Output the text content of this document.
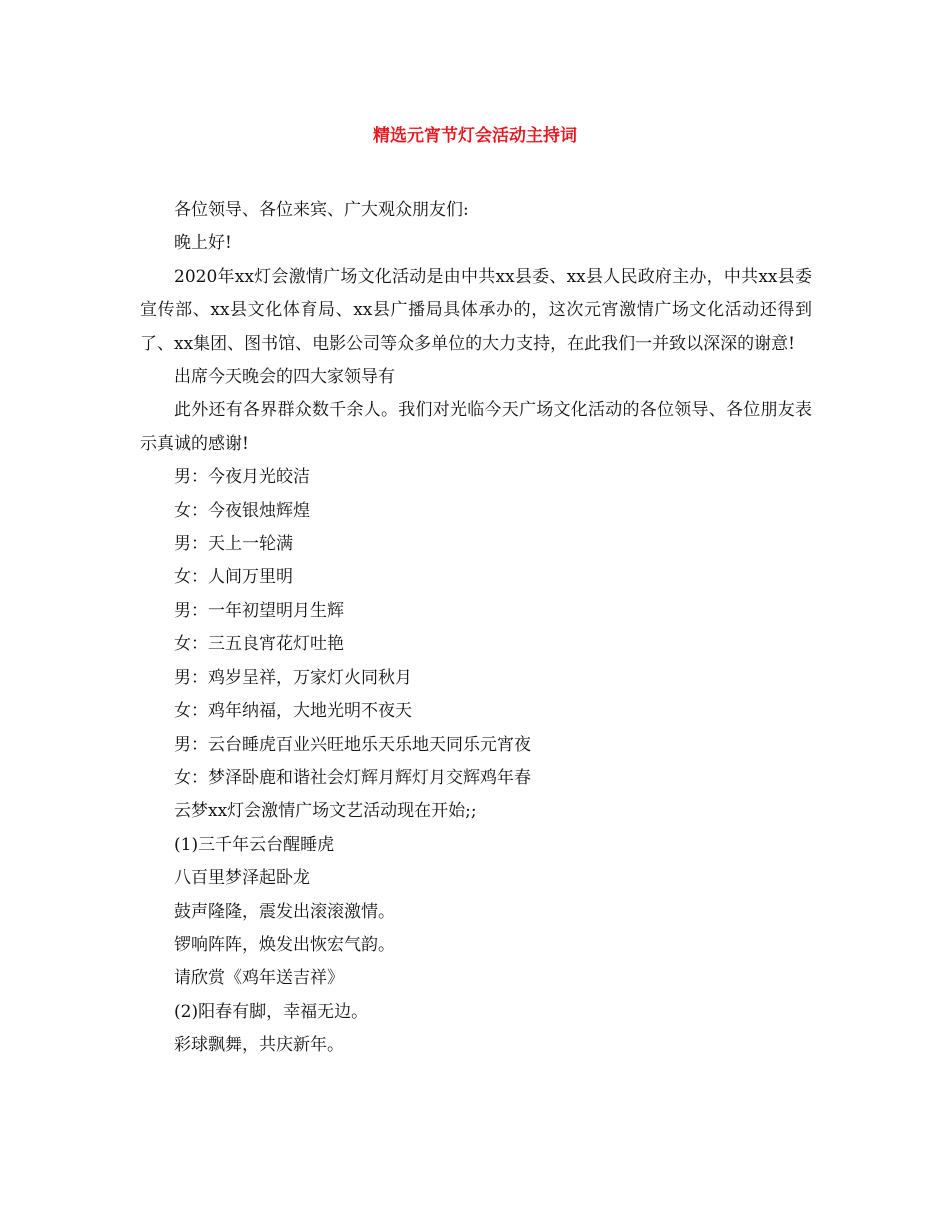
精选元宵节灯会活动主持词

各位领导、各位来宾、广大观众朋友们:

晚上好!

2020年xx灯会激情广场文化活动是由中共xx县委、xx县人民政府主办，中共xx县委宣传部、xx县文化体育局、xx县广播局具体承办的，这次元宵激情广场文化活动还得到了、xx集团、图书馆、电影公司等众多单位的大力支持，在此我们一并致以深深的谢意!

出席今天晚会的四大家领导有

此外还有各界群众数千余人。我们对光临今天广场文化活动的各位领导、各位朋友表示真诚的感谢!

男：今夜月光皎洁

女：今夜银烛辉煌

男：天上一轮满

女：人间万里明

男：一年初望明月生辉

女：三五良宵花灯吐艳

男：鸡岁呈祥，万家灯火同秋月

女：鸡年纳福，大地光明不夜天

男：云台睡虎百业兴旺地乐天乐地天同乐元宵夜

女：梦泽卧鹿和谐社会灯辉月辉灯月交辉鸡年春

云梦xx灯会激情广场文艺活动现在开始;;

(1)三千年云台醒睡虎

八百里梦泽起卧龙

鼓声隆隆，震发出滚滚激情。

锣响阵阵，焕发出恢宏气韵。

请欣赏《鸡年送吉祥》

(2)阳春有脚，幸福无边。

彩球飘舞，共庆新年。
